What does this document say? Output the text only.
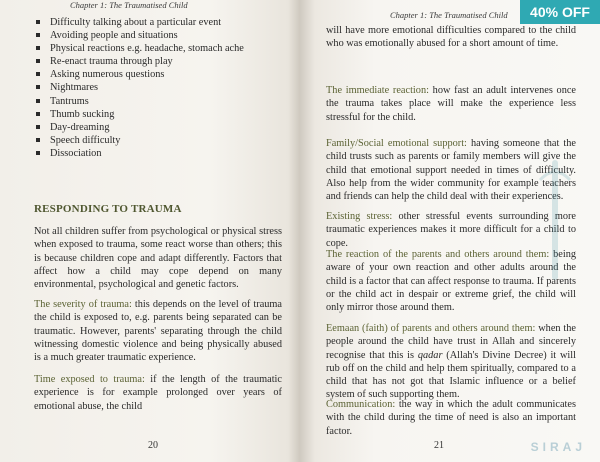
Chapter 1: The Traumatised Child

Difficulty talking about a particular event
Avoiding people and situations
Physical reactions e.g. headache, stomach ache
Re-enact trauma through play
Asking numerous questions
Nightmares
Tantrums
Thumb sucking
Day-dreaming
Speech difficulty
Dissociation
RESPONDING TO TRAUMA

Not all children suffer from psychological or physical stress when exposed to trauma, some react worse than others; this is because children cope and adapt differently. Factors that affect how a child may cope depend on many environmental, psychological and genetic factors.

The severity of trauma: this depends on the level of trauma the child is exposed to, e.g. parents being separated can be traumatic. However, parents' separating through the child witnessing domestic violence and being physically abused is a much greater traumatic experience.

Time exposed to trauma: if the length of the traumatic experience is for example prolonged over years of emotional abuse, the child

20

Chapter 1: The Traumatised Child

will have more emotional difficulties compared to the child who was emotionally abused for a short amount of time.

The immediate reaction: how fast an adult intervenes once the trauma takes place will make the experience less stressful for the child.

Family/Social emotional support: having someone that the child trusts such as parents or family members will give the child that emotional support needed in times of difficulty. Also help from the wider community for example teachers and friends can help the child deal with their experiences.

Existing stress: other stressful events surrounding more traumatic experiences makes it more difficult for a child to cope.

The reaction of the parents and others around them: being aware of your own reaction and other adults around the child is a factor that can affect response to trauma. If parents or the child act in despair or extreme grief, the child will only mirror those around them.

Eemaan (faith) of parents and others around them: when the people around the child have trust in Allah and sincerely recognise that this is qadar (Allah's Divine Decree) it will rub off on the child and help them spiritually, compared to a child that has not got that Islamic influence or a belief system of such supporting them.

Communication: the way in which the adult communicates with the child during the time of need is also an important factor.

21
40% OFF
SIRAJ
